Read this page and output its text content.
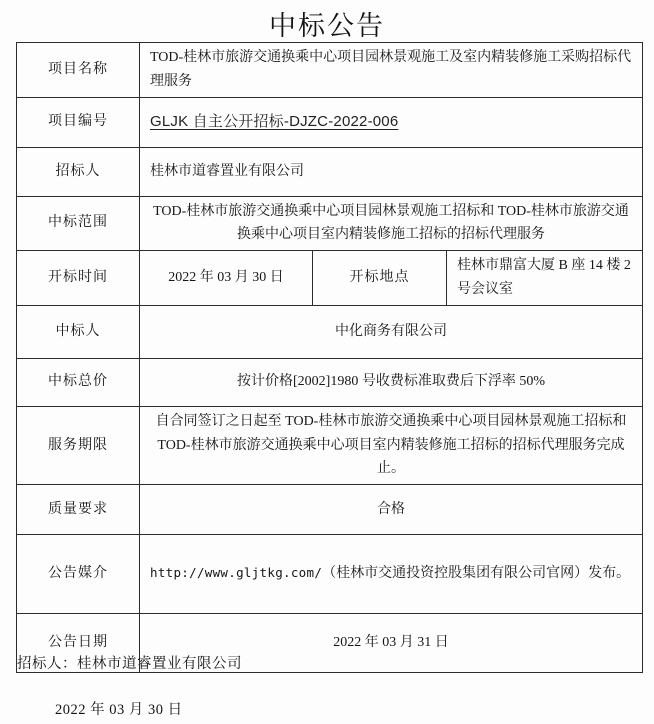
中标公告
项目名称	TOD-桂林市旅游交通换乘中心项目园林景观施工及室内精装修施工采购招标代理服务		
项目编号	GLJK 自主公开招标-DJZC-2022-006		
招标人	桂林市道睿置业有限公司		
中标范围	TOD-桂林市旅游交通换乘中心项目园林景观施工招标和 TOD-桂林市旅游交通换乘中心项目室内精装修施工招标的招标代理服务		
开标时间	2022 年 03 月 30 日	开标地点	桂林市鼎富大厦 B 座 14 楼 2 号会议室
中标人	中化商务有限公司		
中标总价	按计价格[2002]1980 号收费标准取费后下浮率 50%		
服务期限	自合同签订之日起至 TOD-桂林市旅游交通换乘中心项目园林景观施工招标和 TOD-桂林市旅游交通换乘中心项目室内精装修施工招标的招标代理服务完成止。		
质量要求	合格		
公告媒介	http://www.gljtkg.com/（桂林市交通投资控股集团有限公司官网）发布。		
公告日期	2022 年 03 月 31 日		
招标人：桂林市道睿置业有限公司
2022 年 03 月 30 日
